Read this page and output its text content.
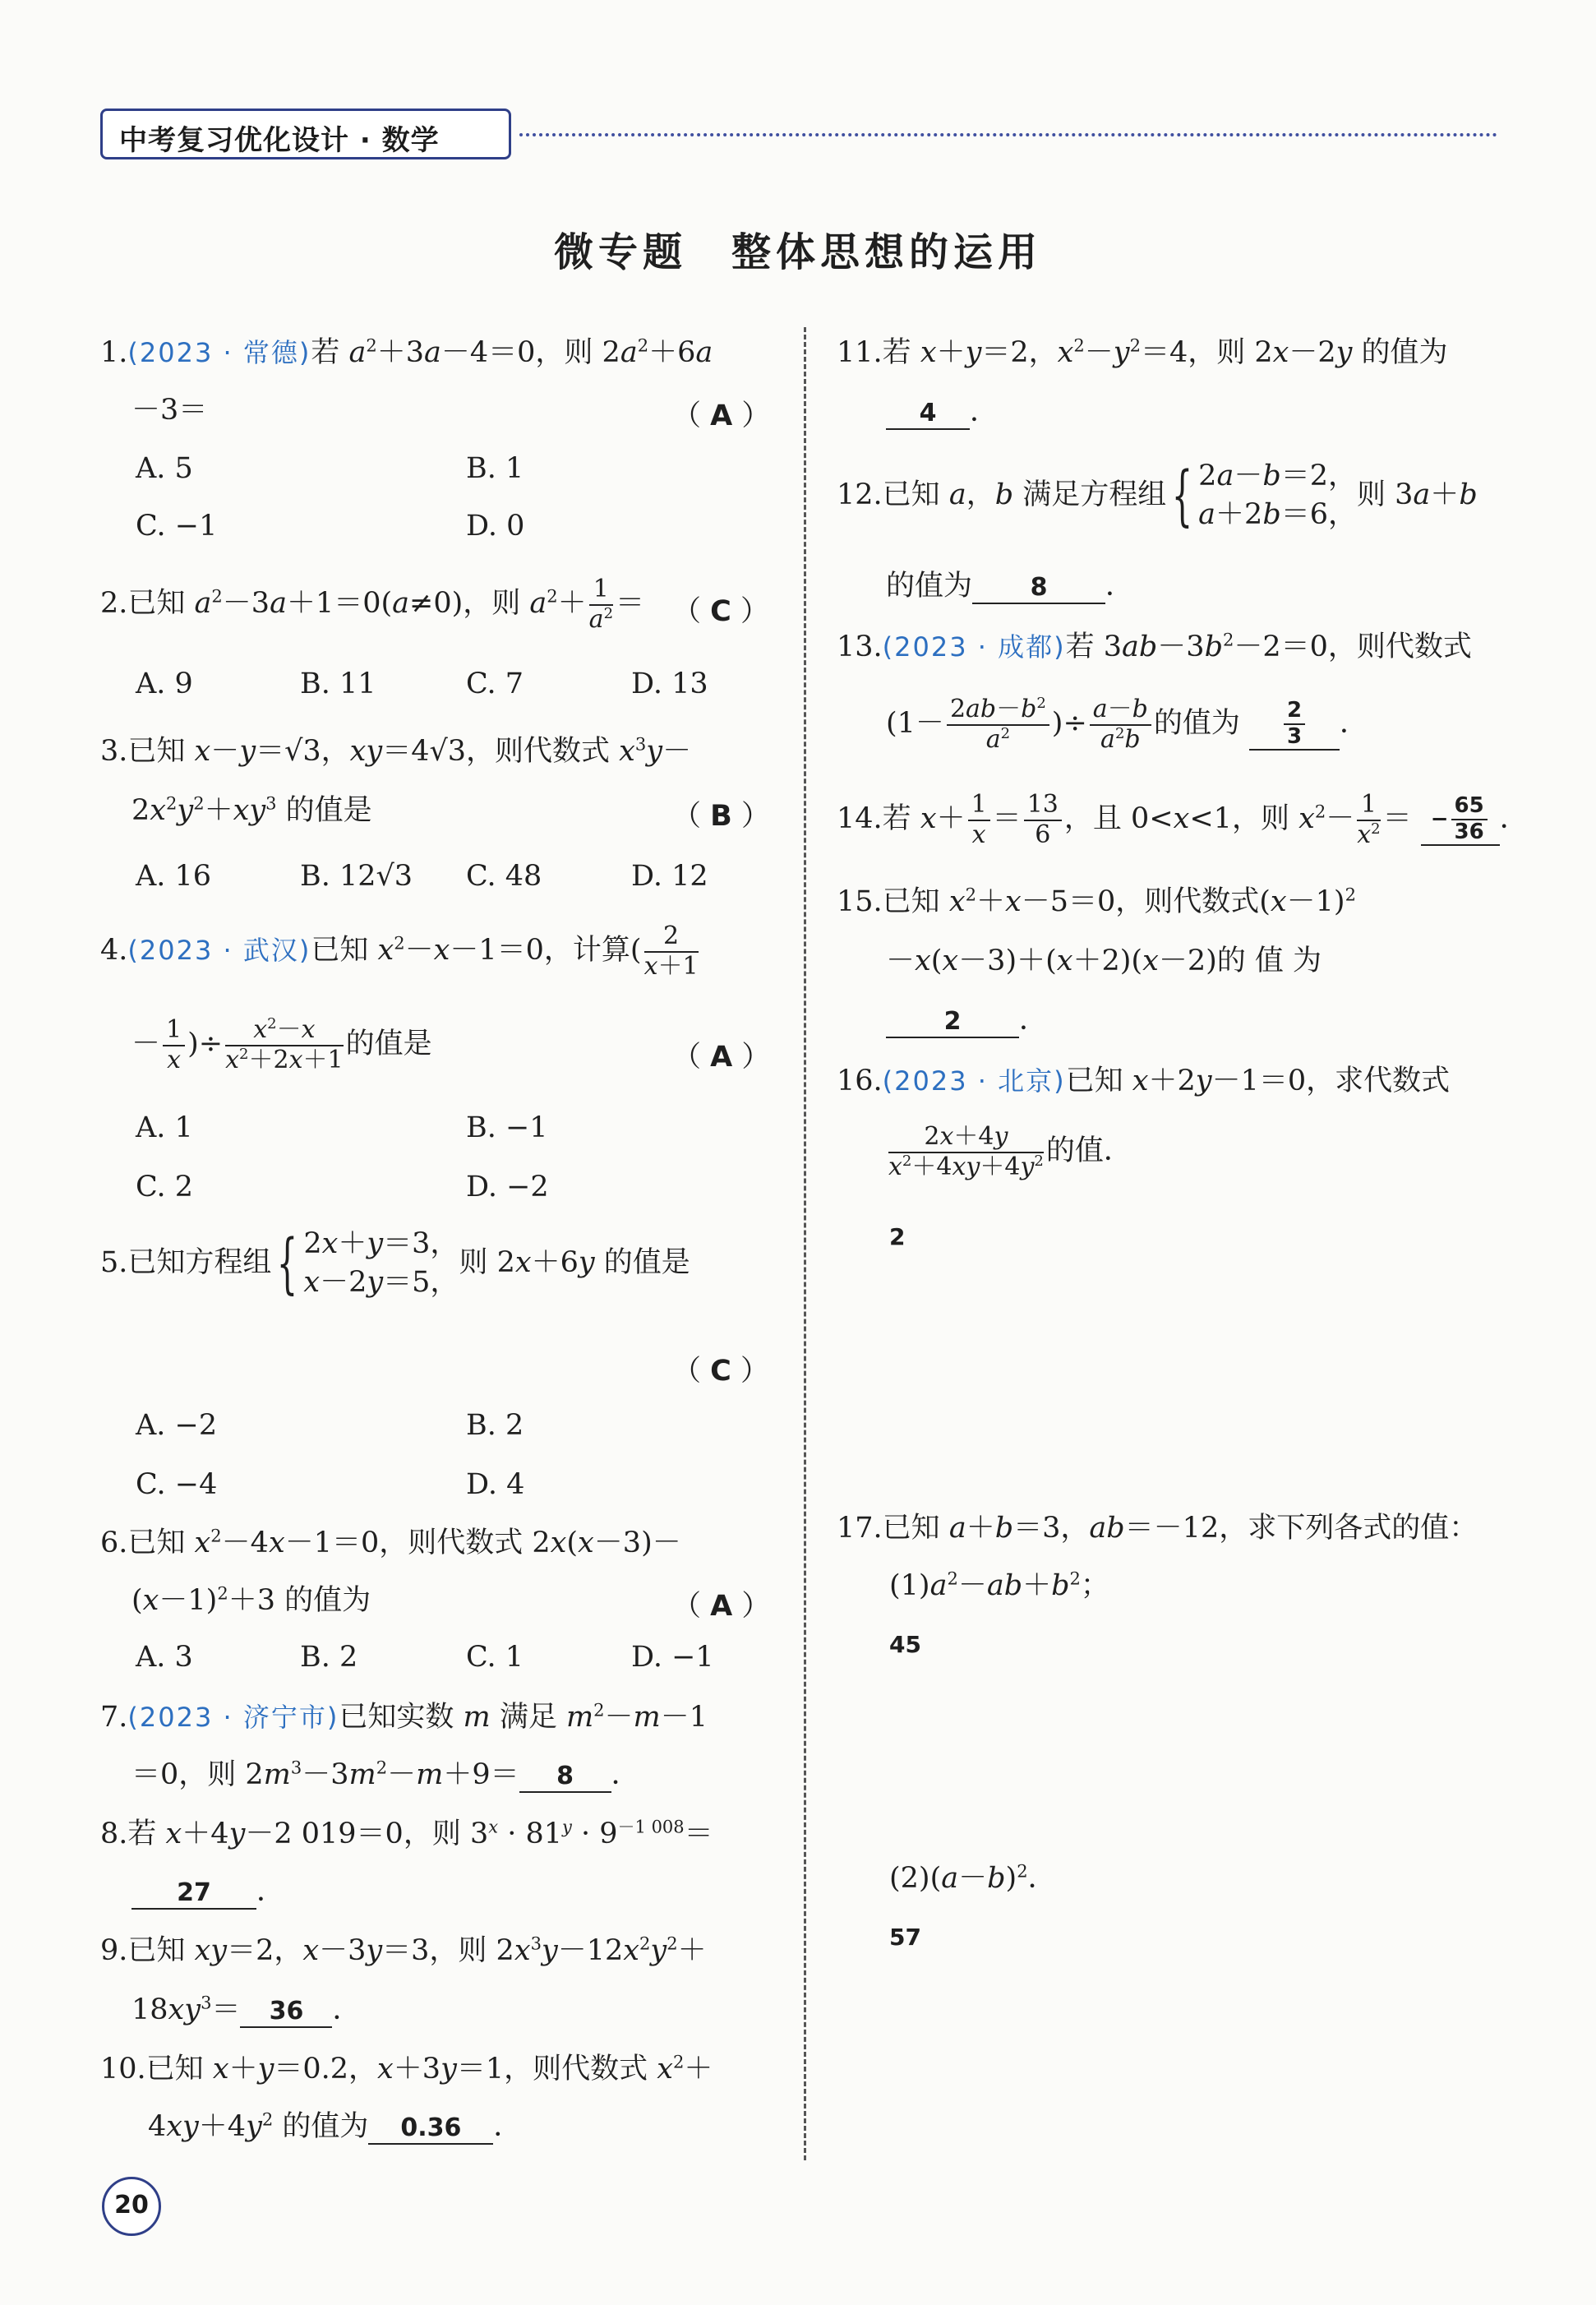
中考复习优化设计 · 数学
微专题　整体思想的运用
1.(2023 · 常德)若 $a^2+3a-4=0$，则 $2a^2+6a$
－3＝	（ A ）
A. 5	B. 1
C. −1	D. 0
2.已知 $a^2-3a+1=0(a\ne 0)$，则 $a^2+ \frac{1}{a^2}$ ＝ （ C ）
A. 9	B. 11	C. 7	D. 13
3.已知 x－y＝√3，xy＝4√3，则代数式 $x^3y-$
$2x^2y^2+xy^3$ 的值是	（ B ）
A. 16	B. 12√3 C. 48	D. 12
4.(2023 · 武汉)已知 $x^2-x-1=0$，计算( $\frac{2}{x+1}$
－ $\frac{1}{x}$ )÷ $\frac{x^2-x}{x^2+2x+1}$ 的值是	（ A ）
A. 1	B. −1
C. 2	D. −2
5.已知方程组{ 2x＋y＝3，
x－2y＝5，
则 2x＋6y 的值是
（ C ）
A. −2	B. 2
C. −4	D. 4
6.已知 $x^2-4x-1=0$，则代数式 2x(x－3)－
$(x-1)^2+3$ 的值为	（ A ）
A. 3	B. 2	C. 1	D. −1
7.(2023 · 济宁市)已知实数 m 满足 $m^2-m-1$
＝0，则 $2m^3-3m^2-m+9= 8$ ．
8.若 x＋4y－2 019＝0，则 $3^x \cdot 81^y \cdot 9^{-1 008}=$
27 ．
9.已知 xy＝2，x－3y＝3，则 $2x^3y-12x^2y^2+$
$18xy^3= 36$ ．
10.已知 x＋y＝0.2，x＋3y＝1，则代数式 $x^2+$
$4xy+4y^2$ 的值为 0.36 ．
11.若 x＋y＝2，$x^2-y^2=4$，则 2x－2y 的值为
4 ．
12.已知 a，b 满足方程组{ 2a－b＝2，
a＋2b＝6，
则 3a＋b
的值为 8 ．
13.(2023 · 成都)若 $3ab-3b^2-2=0$，则代数式
($1- \frac{2ab-b^2}{a^2}$ )÷ $\frac{a-b}{a^2b}$ 的值为 $\frac{2}{3}$ ．
14.若 $x+ \frac{1}{x} = \frac{13}{6}$ ，且 0<x<1，则 $x^2- \frac{1}{x^2}$ ＝ − $\frac{65}{36}$ ．
15.已知 $x^2+x-5=0$，则代数式$(x-1)^2$
－x(x－3)＋(x＋2)(x－2)的 值 为
2 ．
16.(2023 · 北京)已知 x＋2y－1＝0，求代数式
$\frac{2x+4y}{x^2+4xy+4y^2}$ 的值．
2
17.已知 a＋b＝3，ab＝－12，求下列各式的值：
$(1)a^2-ab+b^2$；
45
$(2)(a-b)^2$．
57
20
